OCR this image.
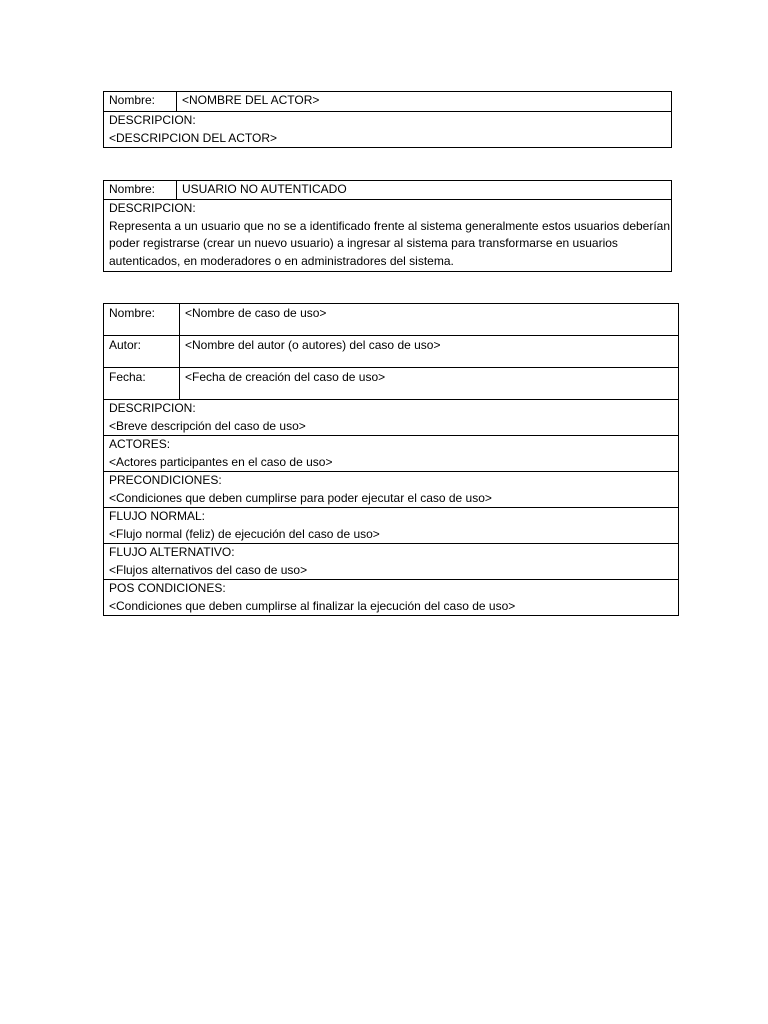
Nombre:	<NOMBRE DEL ACTOR>

DESCRIPCION:
<DESCRIPCION DEL ACTOR>
Nombre:	USUARIO NO AUTENTICADO

DESCRIPCION:
Representa a un usuario que no se a identificado frente al sistema generalmente estos usuarios deberían poder registrarse (crear un nuevo usuario) a ingresar al sistema para transformarse en usuarios autenticados, en moderadores o en administradores del sistema.
Nombre:	<Nombre de caso de uso>
Autor:	<Nombre del autor (o autores) del caso de uso>
Fecha:	<Fecha de creación del caso de uso>

DESCRIPCION:
<Breve descripción del caso de uso>	

ACTORES:
<Actores participantes en el caso de uso>	

PRECONDICIONES:
<Condiciones que deben cumplirse para poder ejecutar el caso de uso>	

FLUJO NORMAL:
<Flujo normal (feliz) de ejecución del caso de uso>	

FLUJO ALTERNATIVO:
<Flujos alternativos del caso de uso>	

POS CONDICIONES:
<Condiciones que deben cumplirse al finalizar la ejecución del caso de uso>	
